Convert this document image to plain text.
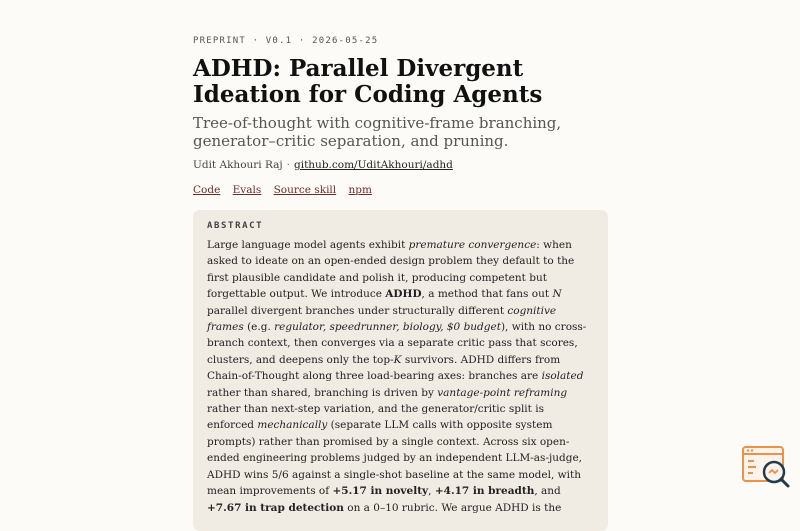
PREPRINT · V0.1 · 2026-05-25
ADHD: Parallel Divergent Ideation for Coding Agents

Tree-of-thought with cognitive-frame branching, generator–critic separation, and pruning.

Udit Akhouri Raj · github.com/UditAkhouri/adhd
Code Evals Source skill npm
ABSTRACT

Large language model agents exhibit premature convergence: when asked to ideate on an open-ended design problem they default to the first plausible candidate and polish it, producing competent but forgettable output. We introduce ADHD, a method that fans out N parallel divergent branches under structurally different cognitive frames (e.g. regulator, speedrunner, biology, $0 budget), with no cross-branch context, then converges via a separate critic pass that scores, clusters, and deepens only the top-K survivors. ADHD differs from Chain-of-Thought along three load-bearing axes: branches are isolated rather than shared, branching is driven by vantage-point reframing rather than next-step variation, and the generator/critic split is enforced mechanically (separate LLM calls with opposite system prompts) rather than promised by a single context. Across six open-ended engineering problems judged by an independent LLM-as-judge, ADHD wins 5/6 against a single-shot baseline at the same model, with mean improvements of +5.17 in novelty, +4.17 in breadth, and +7.67 in trap detection on a 0–10 rubric. We argue ADHD is the
